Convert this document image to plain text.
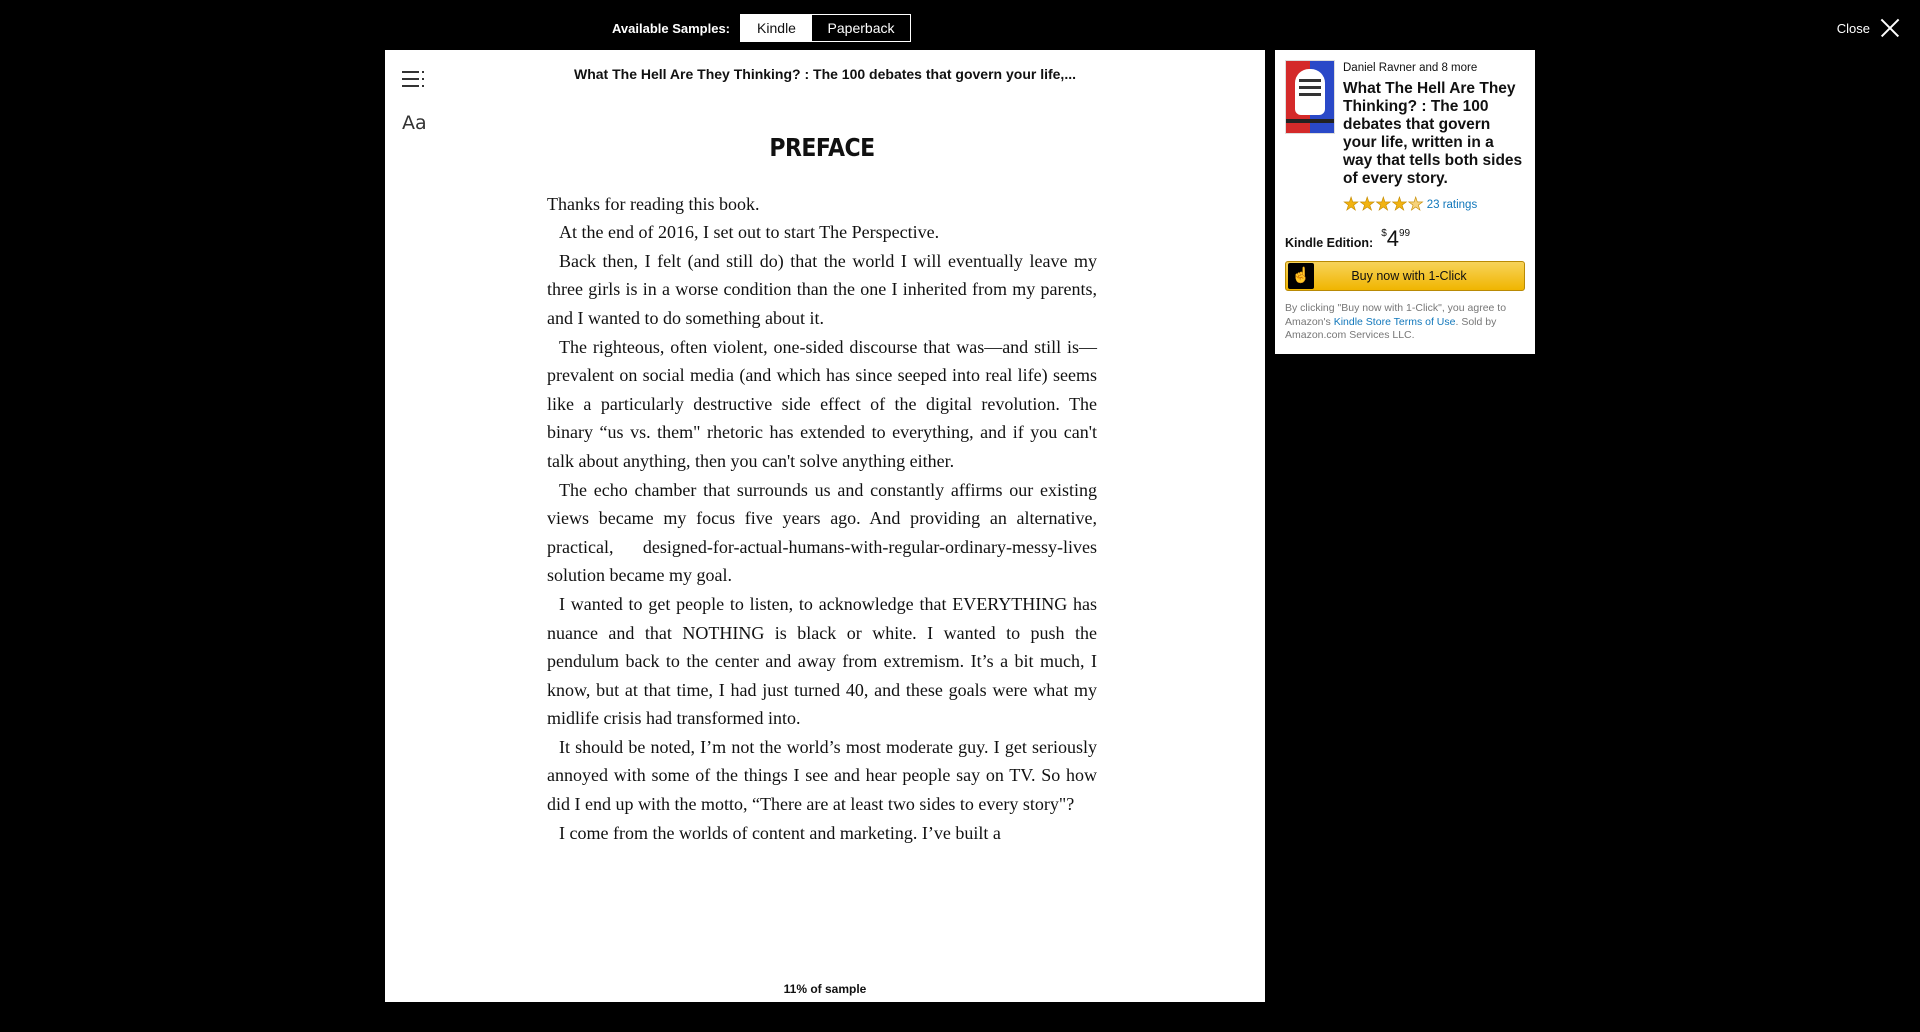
Available Samples:	Kindle	Paperback	Close
Aa
What The Hell Are They Thinking? : The 100 debates that govern your life,...
PREFACE

Thanks for reading this book.

At the end of 2016, I set out to start The Perspective.

Back then, I felt (and still do) that the world I will eventually leave my three girls is in a worse condition than the one I inherited from my parents, and I wanted to do something about it.

The righteous, often violent, one-sided discourse that was—and still is—prevalent on social media (and which has since seeped into real life) seems like a particularly destructive side effect of the digital revolution. The binary “us vs. them" rhetoric has extended to everything, and if you can't talk about anything, then you can't solve anything either.

The echo chamber that surrounds us and constantly affirms our existing views became my focus five years ago. And providing an alternative, practical, designed-for-actual-humans-with-regular-ordinary-messy-lives solution became my goal.

I wanted to get people to listen, to acknowledge that EVERYTHING has nuance and that NOTHING is black or white. I wanted to push the pendulum back to the center and away from extremism. It’s a bit much, I know, but at that time, I had just turned 40, and these goals were what my midlife crisis had transformed into.

It should be noted, I’m not the world’s most moderate guy. I get seriously annoyed with some of the things I see and hear people say on TV. So how did I end up with the motto, “There are at least two sides to every story"?

I come from the worlds of content and marketing. I’ve built a

11% of sample
Daniel Ravner and 8 more
What The Hell Are They Thinking? : The 100 debates that govern your life, written in a way that tells both sides of every story.
★★★★★ 23 ratings
Kindle Edition:
$^{\$}4^{99}$
☝	Buy now with 1-Click
By clicking "Buy now with 1-Click", you agree to Amazon's Kindle Store Terms of Use. Sold by Amazon.com Services LLC.
